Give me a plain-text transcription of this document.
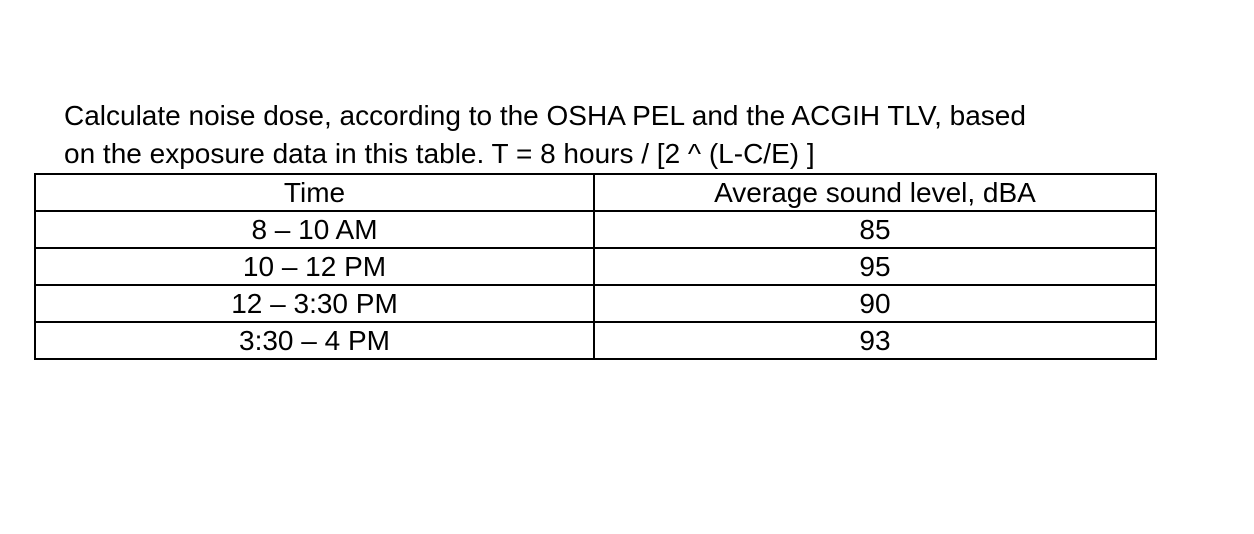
Calculate noise dose, according to the OSHA PEL and the ACGIH TLV, based
on the exposure data in this table. T = 8 hours / [2 ^ (L-C/E) ]

Time	Average sound level, dBA
8 – 10 AM	85
10 – 12 PM	95
12 – 3:30 PM	90
3:30 – 4 PM	93
